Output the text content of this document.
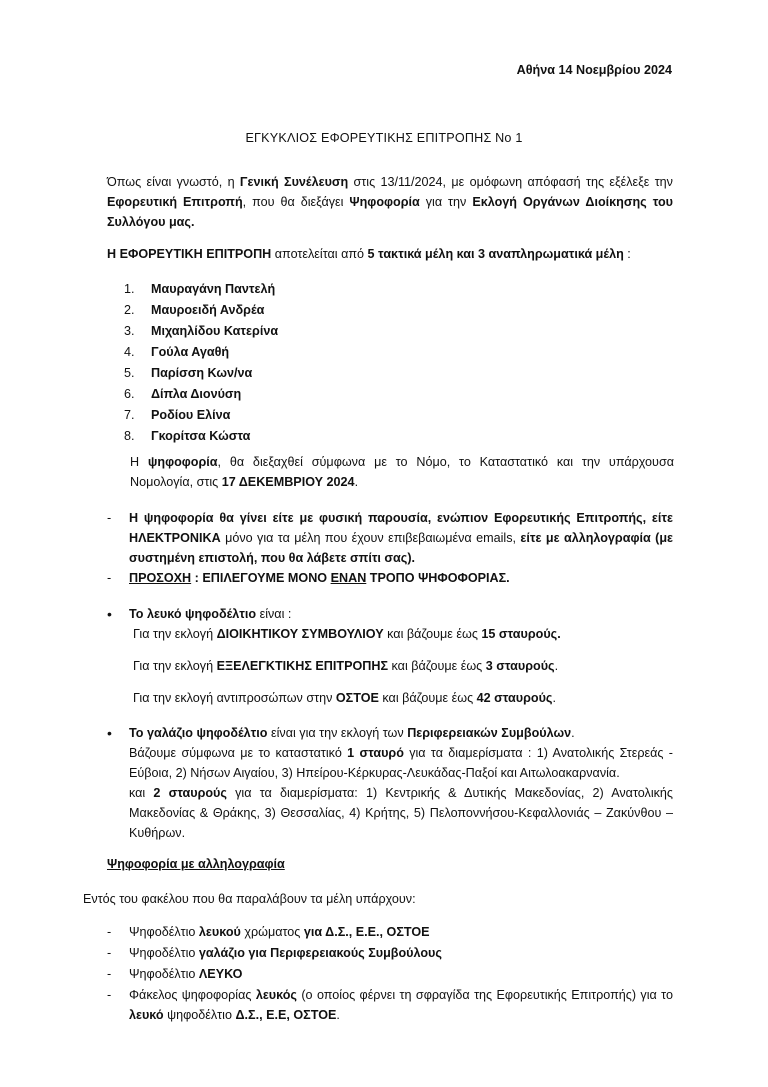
Αθήνα 14 Νοεμβρίου 2024
ΕΓΚΥΚΛΙΟΣ ΕΦΟΡΕΥΤΙΚΗΣ ΕΠΙΤΡΟΠΗΣ Νο 1
Όπως είναι γνωστό, η Γενική Συνέλευση στις 13/11/2024, με ομόφωνη απόφασή της εξέλεξε την Εφορευτική Επιτροπή, που θα διεξάγει Ψηφοφορία για την Εκλογή Οργάνων Διοίκησης του Συλλόγου μας.
Η ΕΦΟΡΕΥΤΙΚΗ ΕΠΙΤΡΟΠΗ αποτελείται από 5 τακτικά μέλη και 3 αναπληρωματικά μέλη :
1.	Μαυραγάνη Παντελή
2.	Μαυροειδή Ανδρέα
3.	Μιχαηλίδου Κατερίνα
4.	Γούλα Αγαθή
5.	Παρίσση Κων/να
6.	Δίπλα Διονύση
7.	Ροδίου Ελίνα
8.	Γκορίτσα Κώστα
Η ψηφοφορία, θα διεξαχθεί σύμφωνα με το Νόμο, το Καταστατικό και την υπάρχουσα Νομολογία, στις 17 ΔΕΚΕΜΒΡΙΟΥ 2024.
- Η ψηφοφορία θα γίνει είτε με φυσική παρουσία, ενώπιον Εφορευτικής Επιτροπής, είτε ΗΛΕΚΤΡΟΝΙΚΑ μόνο για τα μέλη που έχουν επιβεβαιωμένα emails, είτε με αλληλογραφία (με συστημένη επιστολή, που θα λάβετε σπίτι σας).
- ΠΡΟΣΟΧΗ : ΕΠΙΛΕΓΟΥΜΕ ΜΟΝΟ ΕΝΑΝ ΤΡΟΠΟ ΨΗΦΟΦΟΡΙΑΣ.
• Το λευκό ψηφοδέλτιο είναι :
Για την εκλογή ΔΙΟΙΚΗΤΙΚΟΥ ΣΥΜΒΟΥΛΙΟΥ και βάζουμε έως 15 σταυρούς.
Για την εκλογή ΕΞΕΛΕΓΚΤΙΚΗΣ ΕΠΙΤΡΟΠΗΣ και βάζουμε έως 3 σταυρούς.
Για την εκλογή αντιπροσώπων στην ΟΣΤΟΕ και βάζουμε έως 42 σταυρούς.
• Το γαλάζιο ψηφοδέλτιο είναι για την εκλογή των Περιφερειακών Συμβούλων.
Βάζουμε σύμφωνα με το καταστατικό 1 σταυρό για τα διαμερίσματα : 1) Ανατολικής Στερεάς - Εύβοια, 2) Νήσων Αιγαίου, 3) Ηπείρου-Κέρκυρας-Λευκάδας-Παξοί και Αιτωλοακαρνανία.
και 2 σταυρούς για τα διαμερίσματα: 1) Κεντρικής & Δυτικής Μακεδονίας, 2) Ανατολικής Μακεδονίας & Θράκης, 3) Θεσσαλίας, 4) Κρήτης, 5) Πελοποννήσου-Κεφαλλονιάς – Ζακύνθου – Κυθήρων.
Ψηφοφορία με αλληλογραφία
Εντός του φακέλου που θα παραλάβουν τα μέλη υπάρχουν:
- Ψηφοδέλτιο λευκού χρώματος για Δ.Σ., Ε.Ε., ΟΣΤΟΕ
- Ψηφοδέλτιο γαλάζιο για Περιφερειακούς Συμβούλους
- Ψηφοδέλτιο ΛΕΥΚΟ
- Φάκελος ψηφοφορίας λευκός (ο οποίος φέρνει τη σφραγίδα της Εφορευτικής Επιτροπής) για το λευκό ψηφοδέλτιο Δ.Σ., Ε.Ε, ΟΣΤΟΕ.
